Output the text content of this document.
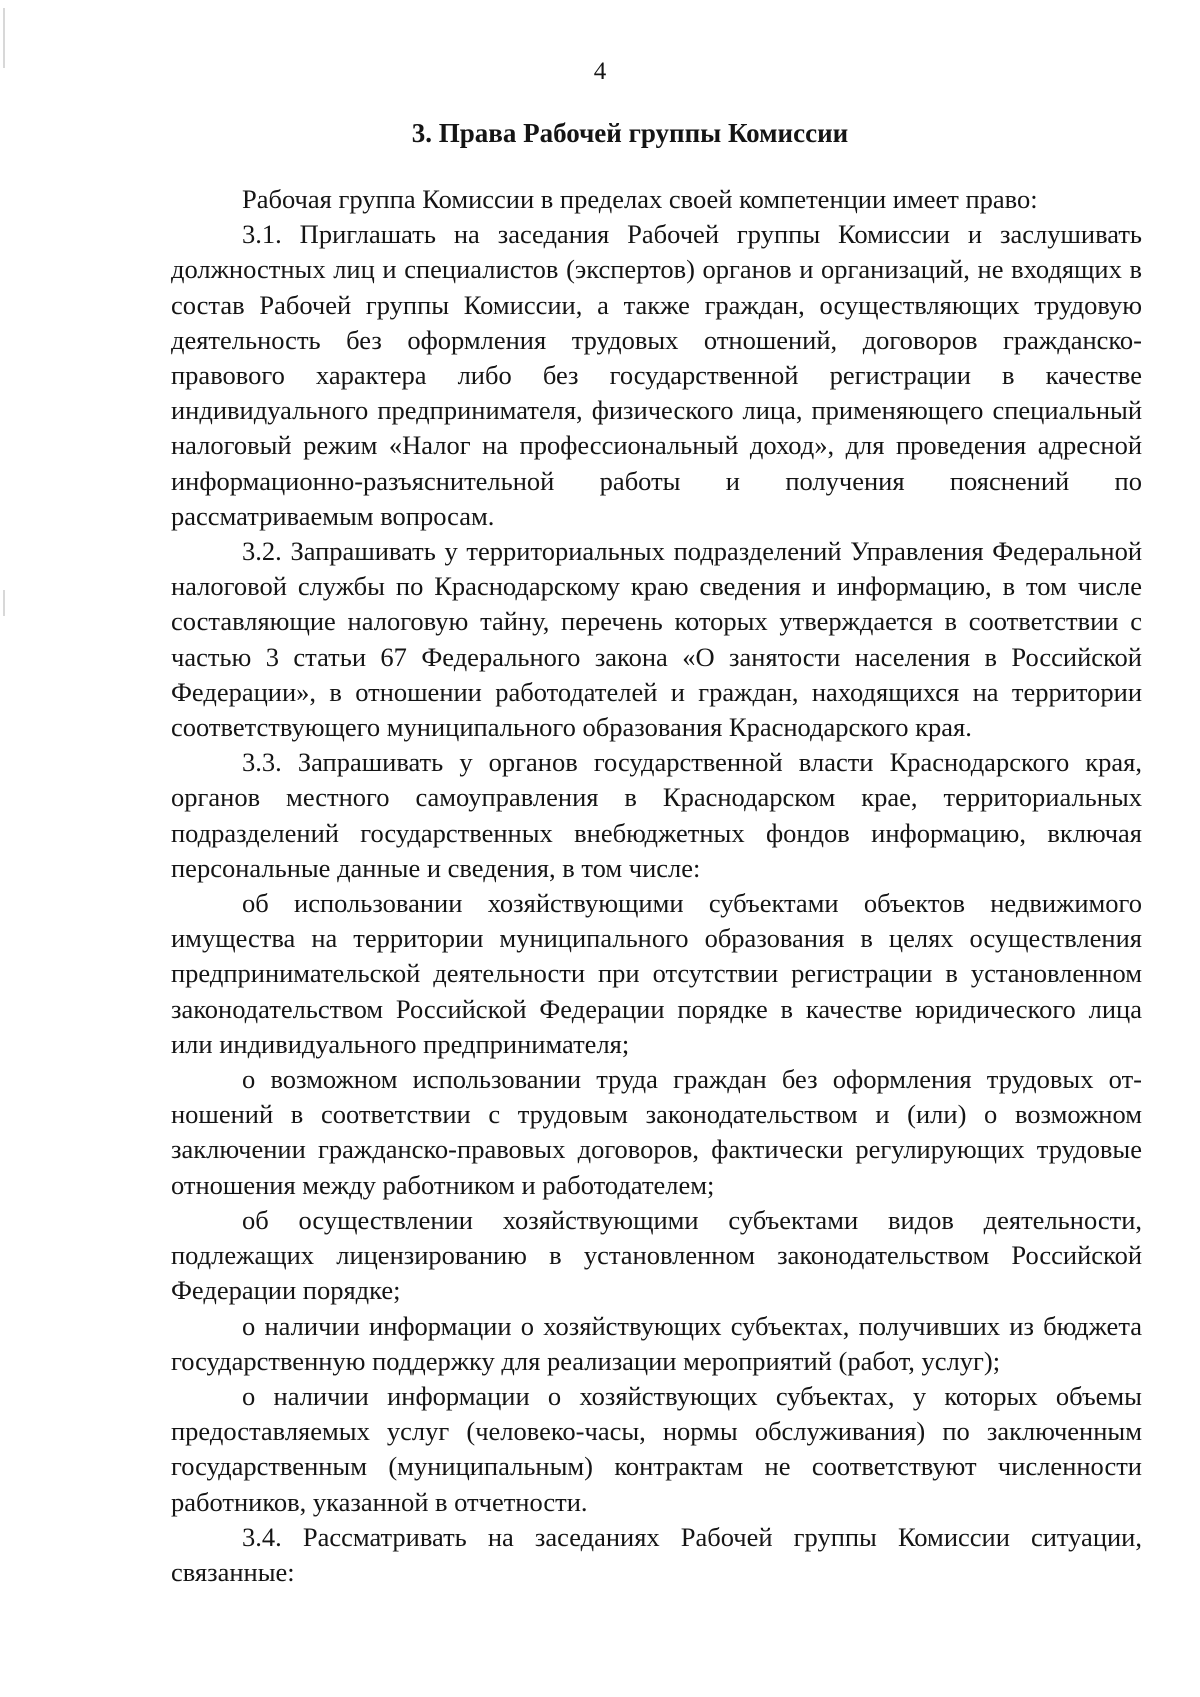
4
3. Права Рабочей группы Комиссии

Рабочая группа Комиссии в пределах своей компетенции имеет право:

3.1. Приглашать на заседания Рабочей группы Комиссии и заслушивать должностных лиц и специалистов (экспертов) органов и организаций, не входящих в состав Рабочей группы Комиссии, а также граждан, осуществляющих трудовую деятельность без оформления трудовых отношений, договоров гражданско-правового характера либо без государственной регистрации в качестве индивидуального предпринимателя, физического лица, применяющего специальный налоговый режим «Налог на профессиональный доход», для проведения адресной информационно-разъяснительной работы и получения пояснений по рассматриваемым вопросам.

3.2. Запрашивать у территориальных подразделений Управления Федеральной налоговой службы по Краснодарскому краю сведения и информацию, в том числе составляющие налоговую тайну, перечень которых утверждается в соответствии с частью 3 статьи 67 Федерального закона «О занятости населения в Российской Федерации», в отношении работодателей и граждан, находящихся на территории соответствующего муниципального образования Краснодарского края.

3.3. Запрашивать у органов государственной власти Краснодарского края, органов местного самоуправления в Краснодарском крае, территориальных подразделений государственных внебюджетных фондов информацию, включая персональные данные и сведения, в том числе:

об использовании хозяйствующими субъектами объектов недвижимого имущества на территории муниципального образования в целях осуществления предпринимательской деятельности при отсутствии регистрации в установленном законодательством Российской Федерации порядке в качестве юридического лица или индивидуального предпринимателя;

о возможном использовании труда граждан без оформления трудовых отношений в соответствии с трудовым законодательством и (или) о возможном заключении гражданско-правовых договоров, фактически регулирующих трудовые отношения между работником и работодателем;

об осуществлении хозяйствующими субъектами видов деятельности, подлежащих лицензированию в установленном законодательством Российской Федерации порядке;

о наличии информации о хозяйствующих субъектах, получивших из бюджета государственную поддержку для реализации мероприятий (работ, услуг);

о наличии информации о хозяйствующих субъектах, у которых объемы предоставляемых услуг (человеко-часы, нормы обслуживания) по заключенным государственным (муниципальным) контрактам не соответствуют численности работников, указанной в отчетности.

3.4. Рассматривать на заседаниях Рабочей группы Комиссии ситуации, связанные:
